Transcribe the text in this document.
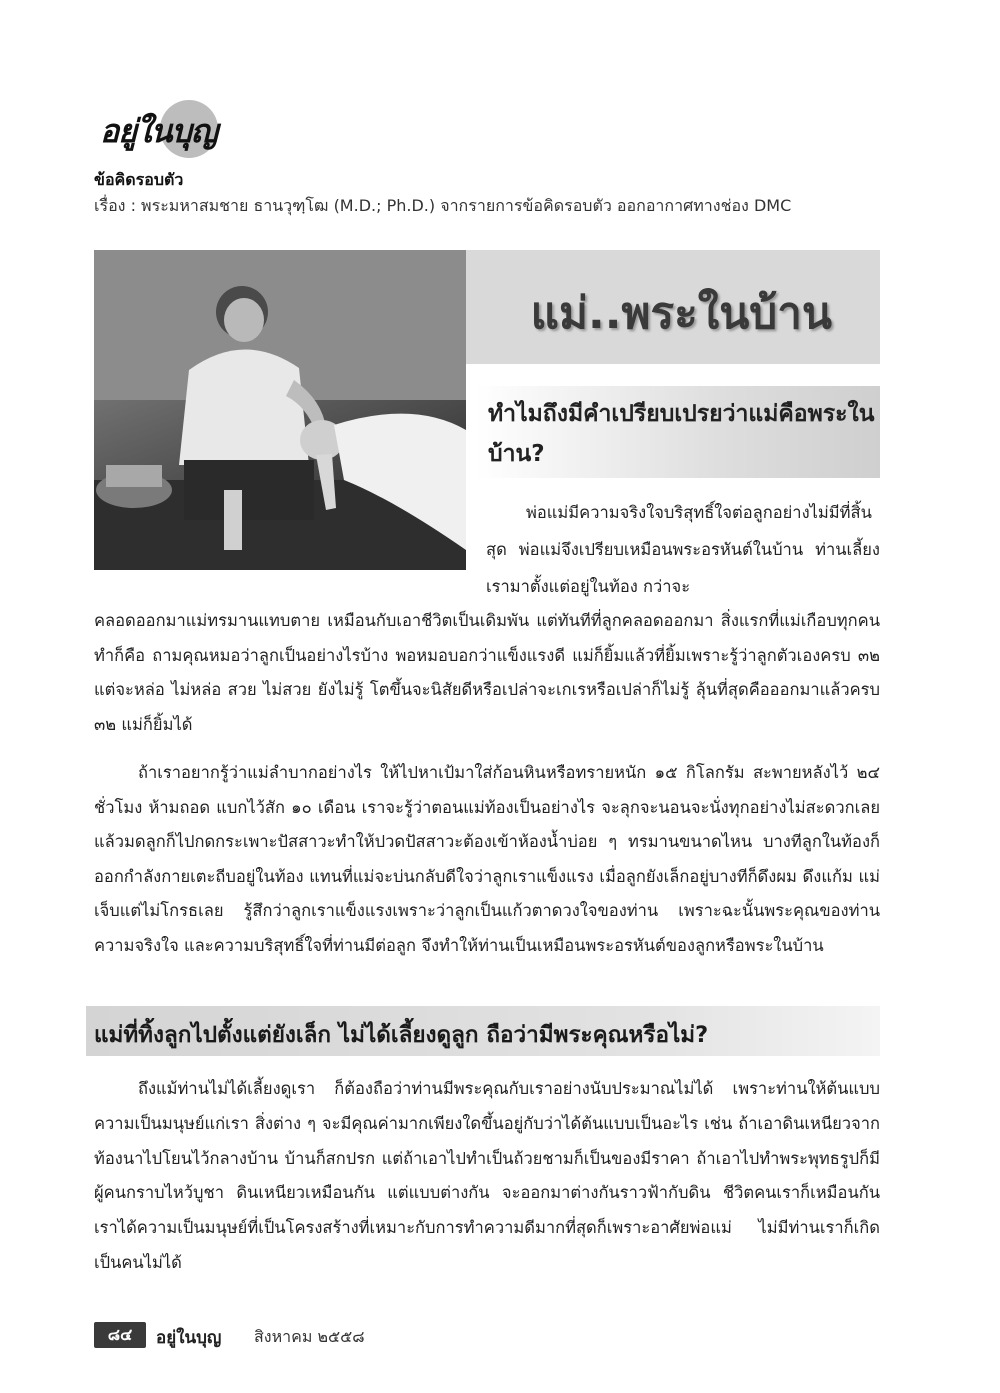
อยู่ในบุญ
ข้อคิดรอบตัว
เรื่อง : พระมหาสมชาย ธานวุฑฺโฒ (M.D.; Ph.D.) จากรายการข้อคิดรอบตัว ออกอากาศทางช่อง DMC
แม่..พระในบ้าน
ทำไมถึงมีคำเปรียบเปรยว่าแม่คือพระในบ้าน?
พ่อแม่มีความจริงใจบริสุทธิ์ใจต่อลูกอย่างไม่มีที่สิ้นสุด พ่อแม่จึงเปรียบเหมือนพระอรหันต์ในบ้าน ท่านเลี้ยงเรามาตั้งแต่อยู่ในท้อง กว่าจะ
คลอดออกมาแม่ทรมานแทบตาย เหมือนกับเอาชีวิตเป็นเดิมพัน แต่ทันทีที่ลูกคลอดออกมา สิ่งแรกที่แม่เกือบทุกคนทำก็คือ ถามคุณหมอว่าลูกเป็นอย่างไรบ้าง พอหมอบอกว่าแข็งแรงดี แม่ก็ยิ้มแล้วที่ยิ้มเพราะรู้ว่าลูกตัวเองครบ ๓๒ แต่จะหล่อ ไม่หล่อ สวย ไม่สวย ยังไม่รู้ โตขึ้นจะนิสัยดีหรือเปล่าจะเกเรหรือเปล่าก็ไม่รู้ ลุ้นที่สุดคือออกมาแล้วครบ ๓๒ แม่ก็ยิ้มได้
ถ้าเราอยากรู้ว่าแม่ลำบากอย่างไร ให้ไปหาเป้มาใส่ก้อนหินหรือทรายหนัก ๑๕ กิโลกรัม สะพายหลังไว้ ๒๔ ชั่วโมง ห้ามถอด แบกไว้สัก ๑๐ เดือน เราจะรู้ว่าตอนแม่ท้องเป็นอย่างไร จะลุกจะนอนจะนั่งทุกอย่างไม่สะดวกเลย แล้วมดลูกก็ไปกดกระเพาะปัสสาวะทำให้ปวดปัสสาวะต้องเข้าห้องน้ำบ่อย ๆ ทรมานขนาดไหน บางทีลูกในท้องก็ออกกำลังกายเตะถีบอยู่ในท้อง แทนที่แม่จะบ่นกลับดีใจว่าลูกเราแข็งแรง เมื่อลูกยังเล็กอยู่บางทีก็ดึงผม ดึงแก้ม แม่เจ็บแต่ไม่โกรธเลย รู้สึกว่าลูกเราแข็งแรงเพราะว่าลูกเป็นแก้วตาดวงใจของท่าน เพราะฉะนั้นพระคุณของท่าน ความจริงใจ และความบริสุทธิ์ใจที่ท่านมีต่อลูก จึงทำให้ท่านเป็นเหมือนพระอรหันต์ของลูกหรือพระในบ้าน
แม่ที่ทิ้งลูกไปตั้งแต่ยังเล็ก ไม่ได้เลี้ยงดูลูก ถือว่ามีพระคุณหรือไม่?
ถึงแม้ท่านไม่ได้เลี้ยงดูเรา ก็ต้องถือว่าท่านมีพระคุณกับเราอย่างนับประมาณไม่ได้ เพราะท่านให้ต้นแบบความเป็นมนุษย์แก่เรา สิ่งต่าง ๆ จะมีคุณค่ามากเพียงใดขึ้นอยู่กับว่าได้ต้นแบบเป็นอะไร เช่น ถ้าเอาดินเหนียวจากท้องนาไปโยนไว้กลางบ้าน บ้านก็สกปรก แต่ถ้าเอาไปทำเป็นถ้วยชามก็เป็นของมีราคา ถ้าเอาไปทำพระพุทธรูปก็มีผู้คนกราบไหว้บูชา ดินเหนียวเหมือนกัน แต่แบบต่างกัน จะออกมาต่างกันราวฟ้ากับดิน ชีวิตคนเราก็เหมือนกัน เราได้ความเป็นมนุษย์ที่เป็นโครงสร้างที่เหมาะกับการทำความดีมากที่สุดก็เพราะอาศัยพ่อแม่ ไม่มีท่านเราก็เกิดเป็นคนไม่ได้
๘๔	อยู่ในบุญ สิงหาคม ๒๕๕๘
